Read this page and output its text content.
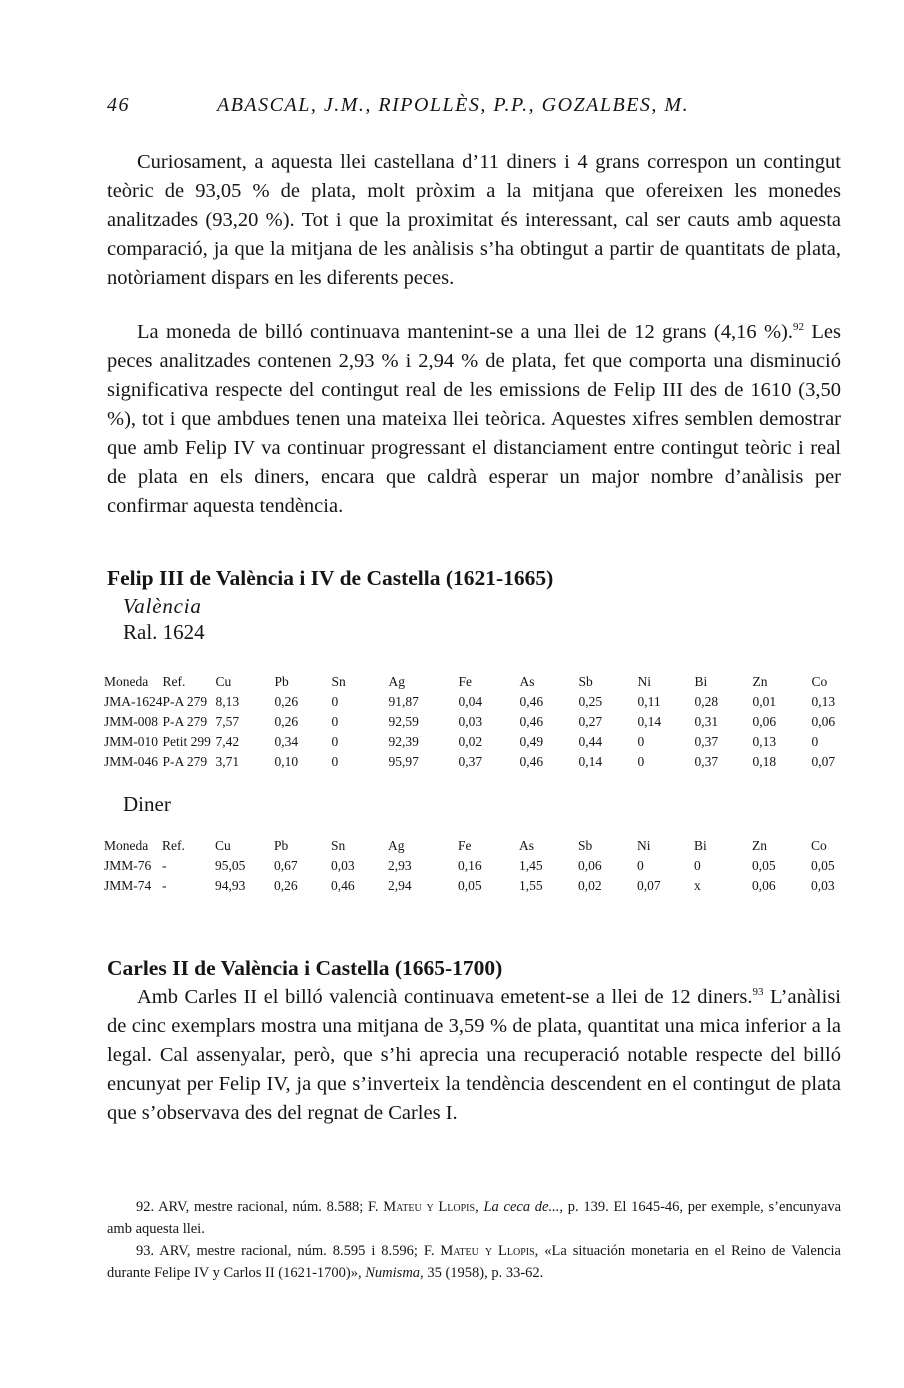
46	ABASCAL, J.M., RIPOLLÈS, P.P., GOZALBES, M.

Curiosament, a aquesta llei castellana d’11 diners i 4 grans correspon un contingut teòric de 93,05 % de plata, molt pròxim a la mitjana que ofereixen les monedes analitzades (93,20 %). Tot i que la proximitat és interessant, cal ser cauts amb aquesta comparació, ja que la mitjana de les anàlisis s’ha obtingut a partir de quantitats de plata, notòriament dispars en les diferents peces.

La moneda de billó continuava mantenint-se a una llei de 12 grans (4,16 %).$^{92}$ Les peces analitzades contenen 2,93 % i 2,94 % de plata, fet que comporta una disminució significativa respecte del contingut real de les emissions de Felip III des de 1610 (3,50 %), tot i que ambdues tenen una mateixa llei teòrica. Aquestes xifres semblen demostrar que amb Felip IV va continuar progressant el distanciament entre contingut teòric i real de plata en els diners, encara que caldrà esperar un major nombre d’anàlisis per confirmar aquesta tendència.

Felip III de València i IV de Castella (1621-1665)
València
Ral. 1624
Moneda	Ref.	Cu	Pb	Sn	Ag	Fe	As	Sb	Ni	Bi	Zn	Co
JMA-1624	P-A 279	8,13	0,26	0	91,87	0,04	0,46	0,25	0,11	0,28	0,01	0,13
JMM-008	P-A 279	7,57	0,26	0	92,59	0,03	0,46	0,27	0,14	0,31	0,06	0,06
JMM-010	Petit 299	7,42	0,34	0	92,39	0,02	0,49	0,44	0	0,37	0,13	0
JMM-046	P-A 279	3,71	0,10	0	95,97	0,37	0,46	0,14	0	0,37	0,18	0,07
Diner
Moneda	Ref.	Cu	Pb	Sn	Ag	Fe	As	Sb	Ni	Bi	Zn	Co
JMM-76	-	95,05	0,67	0,03	2,93	0,16	1,45	0,06	0	0	0,05	0,05
JMM-74	-	94,93	0,26	0,46	2,94	0,05	1,55	0,02	0,07	x	0,06	0,03
Carles II de València i Castella (1665-1700)

Amb Carles II el billó valencià continuava emetent-se a llei de 12 diners.$^{93}$ L’anàlisi de cinc exemplars mostra una mitjana de 3,59 % de plata, quantitat una mica inferior a la legal. Cal assenyalar, però, que s’hi aprecia una recuperació notable respecte del billó encunyat per Felip IV, ja que s’inverteix la tendència descendent en el contingut de plata que s’observava des del regnat de Carles I.

92. ARV, mestre racional, núm. 8.588; F. Mateu y Llopis, La ceca de..., p. 139. El 1645-46, per exemple, s’encunyava amb aquesta llei.

93. ARV, mestre racional, núm. 8.595 i 8.596; F. Mateu y Llopis, «La situación monetaria en el Reino de Valencia durante Felipe IV y Carlos II (1621-1700)», Numisma, 35 (1958), p. 33-62.
